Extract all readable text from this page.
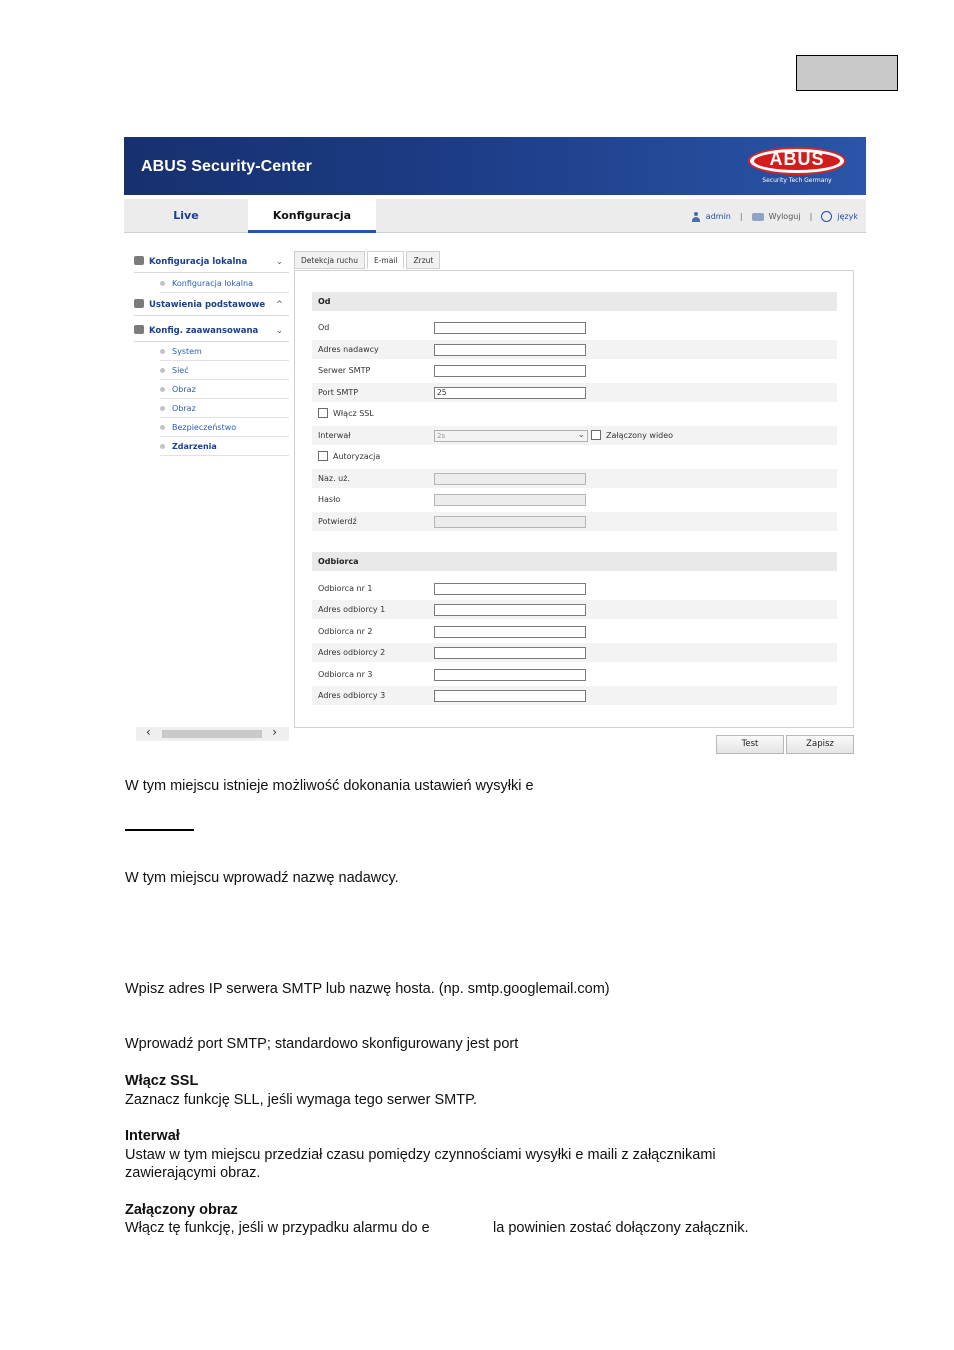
ABUS Security-Center	ABUS
Security Tech Germany
Live	Konfiguracja	admin |	Wyloguj |	język
Konfiguracja lokalna	⌄
Konfiguracja lokalna
Ustawienia podstawowe ^
Konfig. zaawansowana ⌄
System
Sieć
Obraz
Obraz
Bezpieczeństwo
Zdarzenia
‹	›
Detekcja ruchu	E-mail	Zrzut
Od
Od
Adres nadawcy
Serwer SMTP
Port SMTP	25
Włącz SSL
Interwał	2s	⌄	Załączony wideo
Autoryzacja
Naz. uż.
Hasło
Potwierdź
Odbiorca
Odbiorca nr 1
Adres odbiorcy 1
Odbiorca nr 2
Adres odbiorcy 2
Odbiorca nr 3
Adres odbiorcy 3
Test	Zapisz
W tym miejscu istnieje możliwość dokonania ustawień wysyłki e
W tym miejscu wprowadź nazwę nadawcy.
Wpisz adres IP serwera SMTP lub nazwę hosta. (np. smtp.googlemail.com)
Wprowadź port SMTP; standardowo skonfigurowany jest port
Włącz SSL
Zaznacz funkcję SLL, jeśli wymaga tego serwer SMTP.
Interwał
Ustaw w tym miejscu przedział czasu pomiędzy czynnościami wysyłki e maili z załącznikami
zawierającymi obraz.
Załączony obraz
Włącz tę funkcję, jeśli w przypadku alarmu do e	la powinien zostać dołączony załącznik.
